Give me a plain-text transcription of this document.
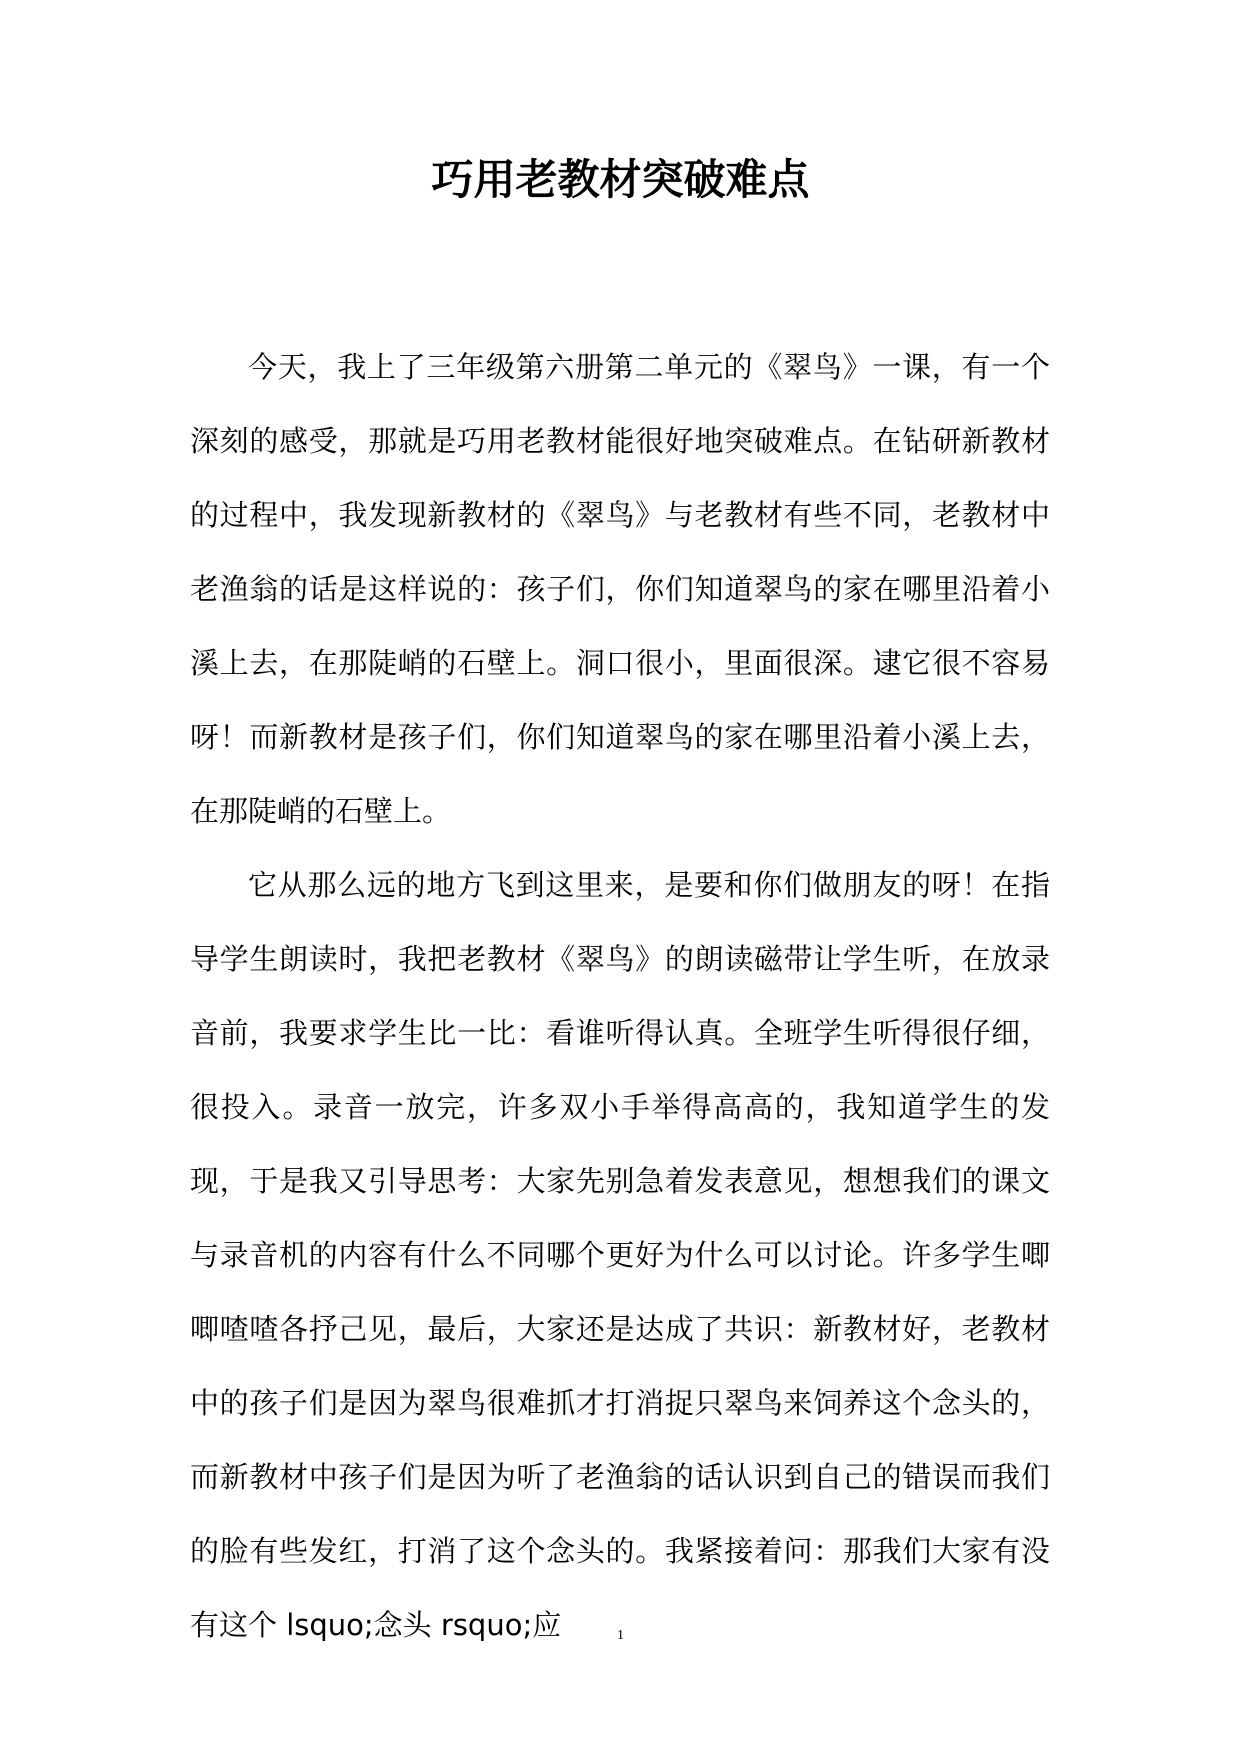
巧用老教材突破难点

今天，我上了三年级第六册第二单元的《翠鸟》一课，有一个深刻的感受，那就是巧用老教材能很好地突破难点。在钻研新教材的过程中，我发现新教材的《翠鸟》与老教材有些不同，老教材中老渔翁的话是这样说的：孩子们，你们知道翠鸟的家在哪里沿着小溪上去，在那陡峭的石壁上。洞口很小，里面很深。逮它很不容易呀！而新教材是孩子们，你们知道翠鸟的家在哪里沿着小溪上去，在那陡峭的石壁上。

它从那么远的地方飞到这里来，是要和你们做朋友的呀！在指导学生朗读时，我把老教材《翠鸟》的朗读磁带让学生听，在放录音前，我要求学生比一比：看谁听得认真。全班学生听得很仔细，很投入。录音一放完，许多双小手举得高高的，我知道学生的发现，于是我又引导思考：大家先别急着发表意见，想想我们的课文与录音机的内容有什么不同哪个更好为什么可以讨论。许多学生唧唧喳喳各抒己见，最后，大家还是达成了共识：新教材好，老教材中的孩子们是因为翠鸟很难抓才打消捉只翠鸟来饲养这个念头的，而新教材中孩子们是因为听了老渔翁的话认识到自己的错误而我们的脸有些发红，打消了这个念头的。我紧接着问：那我们大家有没有这个 lsquo;念头 rsquo;应	1
